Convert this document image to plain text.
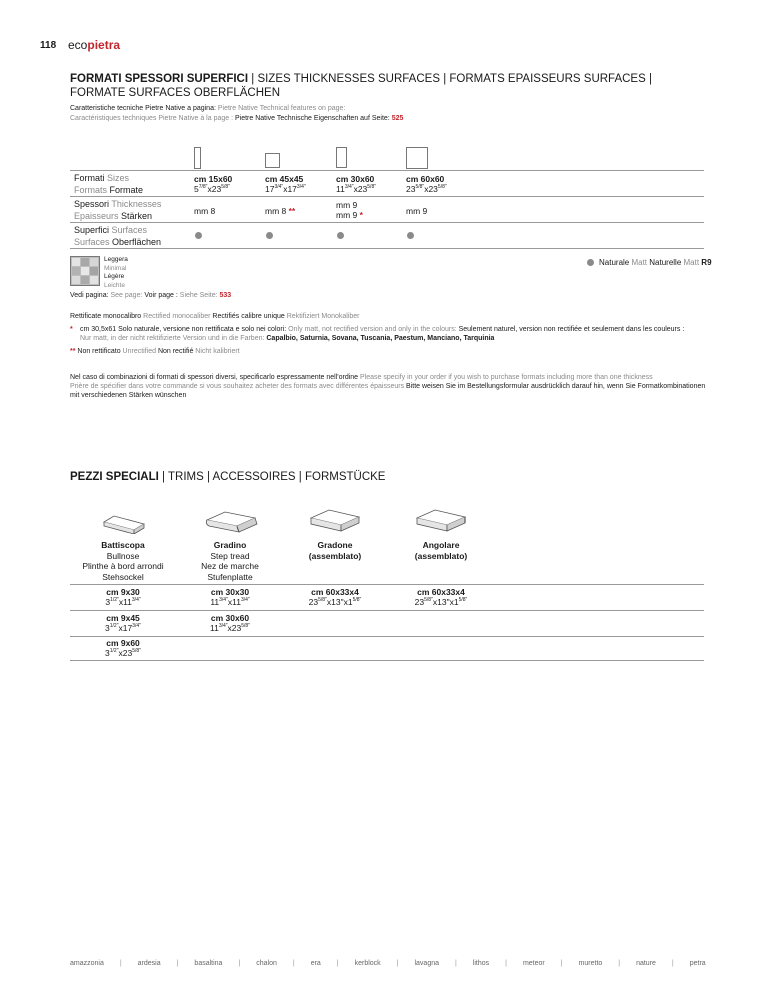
118 ecopietra
FORMATI SPESSORI SUPERFICI | SIZES THICKNESSES SURFACES | FORMATS EPAISSEURS SURFACES | FORMATE SURFACES OBERFLÄCHEN
Caratteristiche tecniche Pietre Native a pagina: Pietre Native Technical features on page:
Caractéristiques techniques Pietre Native à la page : Pietre Native Technische Eigenschaften auf Seite: 525
Formati Sizes
Formats Formate
Spessori Thicknesses
Epaisseurs Stärken
Superfici Surfaces
Surfaces Oberflächen
cm 15x60
$5^{7/8"}x23^{5/8"}$
mm 8
cm 45x45
$17^{3/4"}x17^{3/4"}$
mm 8 **
cm 30x60
$11^{3/4"}x23^{5/8"}$
mm 9
mm 9 *
cm 60x60
$23^{5/8"}x23^{5/8"}$
mm 9
Leggera
Minimal
Légère
Leichte
Naturale Matt Naturelle Matt R9
Vedi pagina: See page: Voir page : Siehe Seite: 533
Rettificate monocalibro Rectified monocaliber Rectifiés calibre unique Rektifiziert Monokaliber
* cm 30,5x61 Solo naturale, versione non rettificata e solo nei colori: Only matt, not rectified version and only in the colours: Seulement naturel, version non rectifiée et seulement dans les couleurs :
Nur matt, in der nicht rektifizierte Version und in die Farben: Capalbio, Saturnia, Sovana, Tuscania, Paestum, Manciano, Tarquinia
** Non rettificato Unrectified Non rectifié Nicht kalibriert
Nel caso di combinazioni di formati di spessori diversi, specificarlo espressamente nell'ordine Please specify in your order if you wish to purchase formats including more than one thickness
Prière de spécifier dans votre commande si vous souhaitez acheter des formats avec différentes épaisseurs Bitte weisen Sie im Bestellungsformular ausdrücklich darauf hin, wenn Sie Formatkombinationen
mit verschiedenen Stärken wünschen
PEZZI SPECIALI | TRIMS | ACCESSOIRES | FORMSTÜCKE
Battiscopa
Bullnose
Plinthe à bord arrondi
Stehsockel
Gradino
Step tread
Nez de marche
Stufenplatte
Gradone
(assemblato)
Angolare
(assemblato)
cm 9x30
$3^{1/2"}x11^{3/4"}$
cm 9x45
$3^{1/2"}x17^{3/4"}$
cm 9x60
$3^{1/2"}x23^{5/8"}$
cm 30x30
$11^{3/4"}x11^{3/4"}$
cm 30x60
$11^{3/4"}x23^{5/8"}$
cm 60x33x4
$23^{5/8"}x13"x1^{5/8"}$
cm 60x33x4
$23^{5/8"}x13"x1^{5/8"}$
amazzonia | ardesia | basaltina | chalon | era | kerblock | lavagna | lithos | meteor | muretto | nature | petra
